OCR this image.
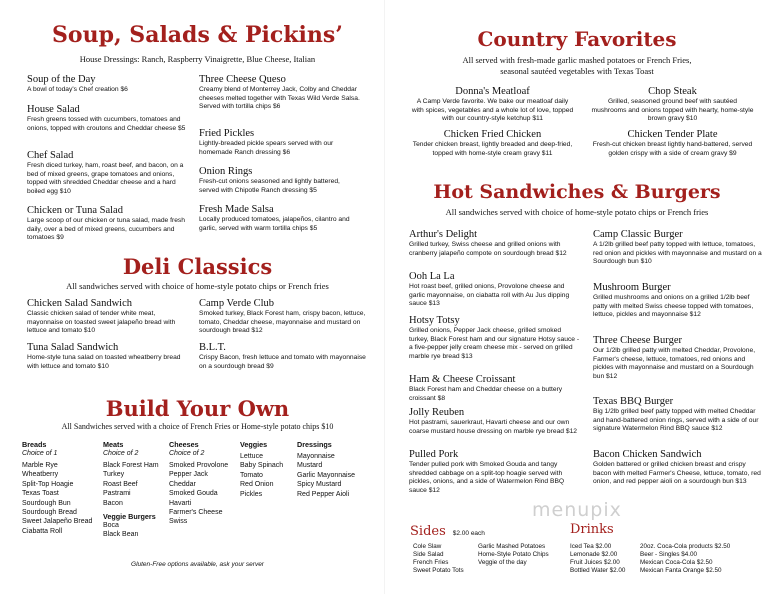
Soup, Salads & Pickins’
House Dressings: Ranch, Raspberry Vinaigrette, Blue Cheese, Italian
Soup of the Day
A bowl of today's Chef creation $6
House Salad
Fresh greens tossed with cucumbers, tomatoes and onions, topped with croutons and Cheddar cheese $5
Chef Salad
Fresh diced turkey, ham, roast beef, and bacon, on a bed of mixed greens, grape tomatoes and onions, topped with shredded Cheddar cheese and a hard boiled egg $10
Chicken or Tuna Salad
Large scoop of our chicken or tuna salad, made fresh daily, over a bed of mixed greens, cucumbers and tomatoes $9
Three Cheese Queso
Creamy blend of Monterrey Jack, Colby and Cheddar cheeses melted together with Texas Wild Verde Salsa. Served with tortilla chips $6
Fried Pickles
Lightly-breaded pickle spears served with our homemade Ranch dressing $6
Onion Rings
Fresh-cut onions seasoned and lightly battered, served with Chipotle Ranch dressing $5
Fresh Made Salsa
Locally produced tomatoes, jalapeños, cilantro and garlic, served with warm tortilla chips $5
Deli Classics
All sandwiches served with choice of home-style potato chips or French fries
Chicken Salad Sandwich
Classic chicken salad of tender white meat, mayonnaise on toasted sweet jalapeño bread with lettuce and tomato $10
Tuna Salad Sandwich
Home-style tuna salad on toasted wheatberry bread with lettuce and tomato $10
Camp Verde Club
Smoked turkey, Black Forest ham, crispy bacon, lettuce, tomato, Cheddar cheese, mayonnaise and mustard on sourdough bread $12
B.L.T.
Crispy Bacon, fresh lettuce and tomato with mayonnaise on a sourdough bread $9
Build Your Own
All Sandwiches served with a choice of French Fries or Home-style potato chips $10
Breads
Choice of 1
Marble Rye
Wheatberry
Split-Top Hoagie
Texas Toast
Sourdough Bun
Sourdough Bread
Sweet Jalapeño Bread
Ciabatta Roll
Meats
Choice of 2
Black Forest Ham
Turkey
Roast Beef
Pastrami
Bacon
Veggie Burgers
Boca
Black Bean
Cheeses
Choice of 2
Smoked Provolone
Pepper Jack
Cheddar
Smoked Gouda
Havarti
Farmer's Cheese
Swiss
Veggies
Lettuce
Baby Spinach
Tomato
Red Onion
Pickles
Dressings
Mayonnaise
Mustard
Garlic Mayonnaise
Spicy Mustard
Red Pepper Aioli
Gluten-Free options available, ask your server
Country Favorites
All served with fresh-made garlic mashed potatoes or French Fries,
seasonal sautéed vegetables with Texas Toast
Donna's Meatloaf
A Camp Verde favorite. We bake our meatloaf daily with spices, vegetables and a whole lot of love, topped with our country-style ketchup $11
Chicken Fried Chicken
Tender chicken breast, lightly breaded and deep-fried, topped with home-style cream gravy $11
Chop Steak
Grilled, seasoned ground beef with sautéed mushrooms and onions topped with hearty, home-style brown gravy $10
Chicken Tender Plate
Fresh-cut chicken breast lightly hand-battered, served golden crispy with a side of cream gravy $9
Hot Sandwiches & Burgers
All sandwiches served with choice of home-style potato chips or French fries
Arthur's Delight
Grilled turkey, Swiss cheese and grilled onions with cranberry jalapeño compote on sourdough bread $12
Ooh La La
Hot roast beef, grilled onions, Provolone cheese and garlic mayonnaise, on ciabatta roll with Au Jus dipping sauce $13
Hotsy Totsy
Grilled onions, Pepper Jack cheese, grilled smoked turkey, Black Forest ham and our signature Hotsy sauce - a five-pepper jelly cream cheese mix - served on grilled marble rye bread $13
Ham & Cheese Croissant
Black Forest ham and Cheddar cheese on a buttery croissant $8
Jolly Reuben
Hot pastrami, sauerkraut, Havarti cheese and our own coarse mustard house dressing on marble rye bread $12
Pulled Pork
Tender pulled pork with Smoked Gouda and tangy shredded cabbage on a split-top hoagie served with pickles, onions, and a side of Watermelon Rind BBQ sauce $12
Camp Classic Burger
A 1/2lb grilled beef patty topped with lettuce, tomatoes, red onion and pickles with mayonnaise and mustard on a Sourdough bun $10
Mushroom Burger
Grilled mushrooms and onions on a grilled 1/2lb beef patty with melted Swiss cheese topped with tomatoes, lettuce, pickles and mayonnaise $12
Three Cheese Burger
Our 1/2lb grilled patty with melted Cheddar, Provolone, Farmer's cheese, lettuce, tomatoes, red onions and pickles with mayonnaise and mustard on a Sourdough bun $12
Texas BBQ Burger
Big 1/2lb grilled beef patty topped with melted Cheddar and hand-battered onion rings, served with a side of our signature Watermelon Rind BBQ sauce $12
Bacon Chicken Sandwich
Golden battered or grilled chicken breast and crispy bacon with melted Farmer's Cheese, lettuce, tomato, red onion, and red pepper aioli on a sourdough bun $13
menupix
Sides $2.00 each
Cole Slaw
Side Salad
French Fries
Sweet Potato Tots
Garlic Mashed Potatoes
Home-Style Potato Chips
Veggie of the day
Drinks
Iced Tea $2.00
Lemonade $2.00
Fruit Juices $2.00
Bottled Water $2.00
20oz. Coca-Cola products $2.50
Beer - Singles $4.00
Mexican Coca-Cola $2.50
Mexican Fanta Orange $2.50
